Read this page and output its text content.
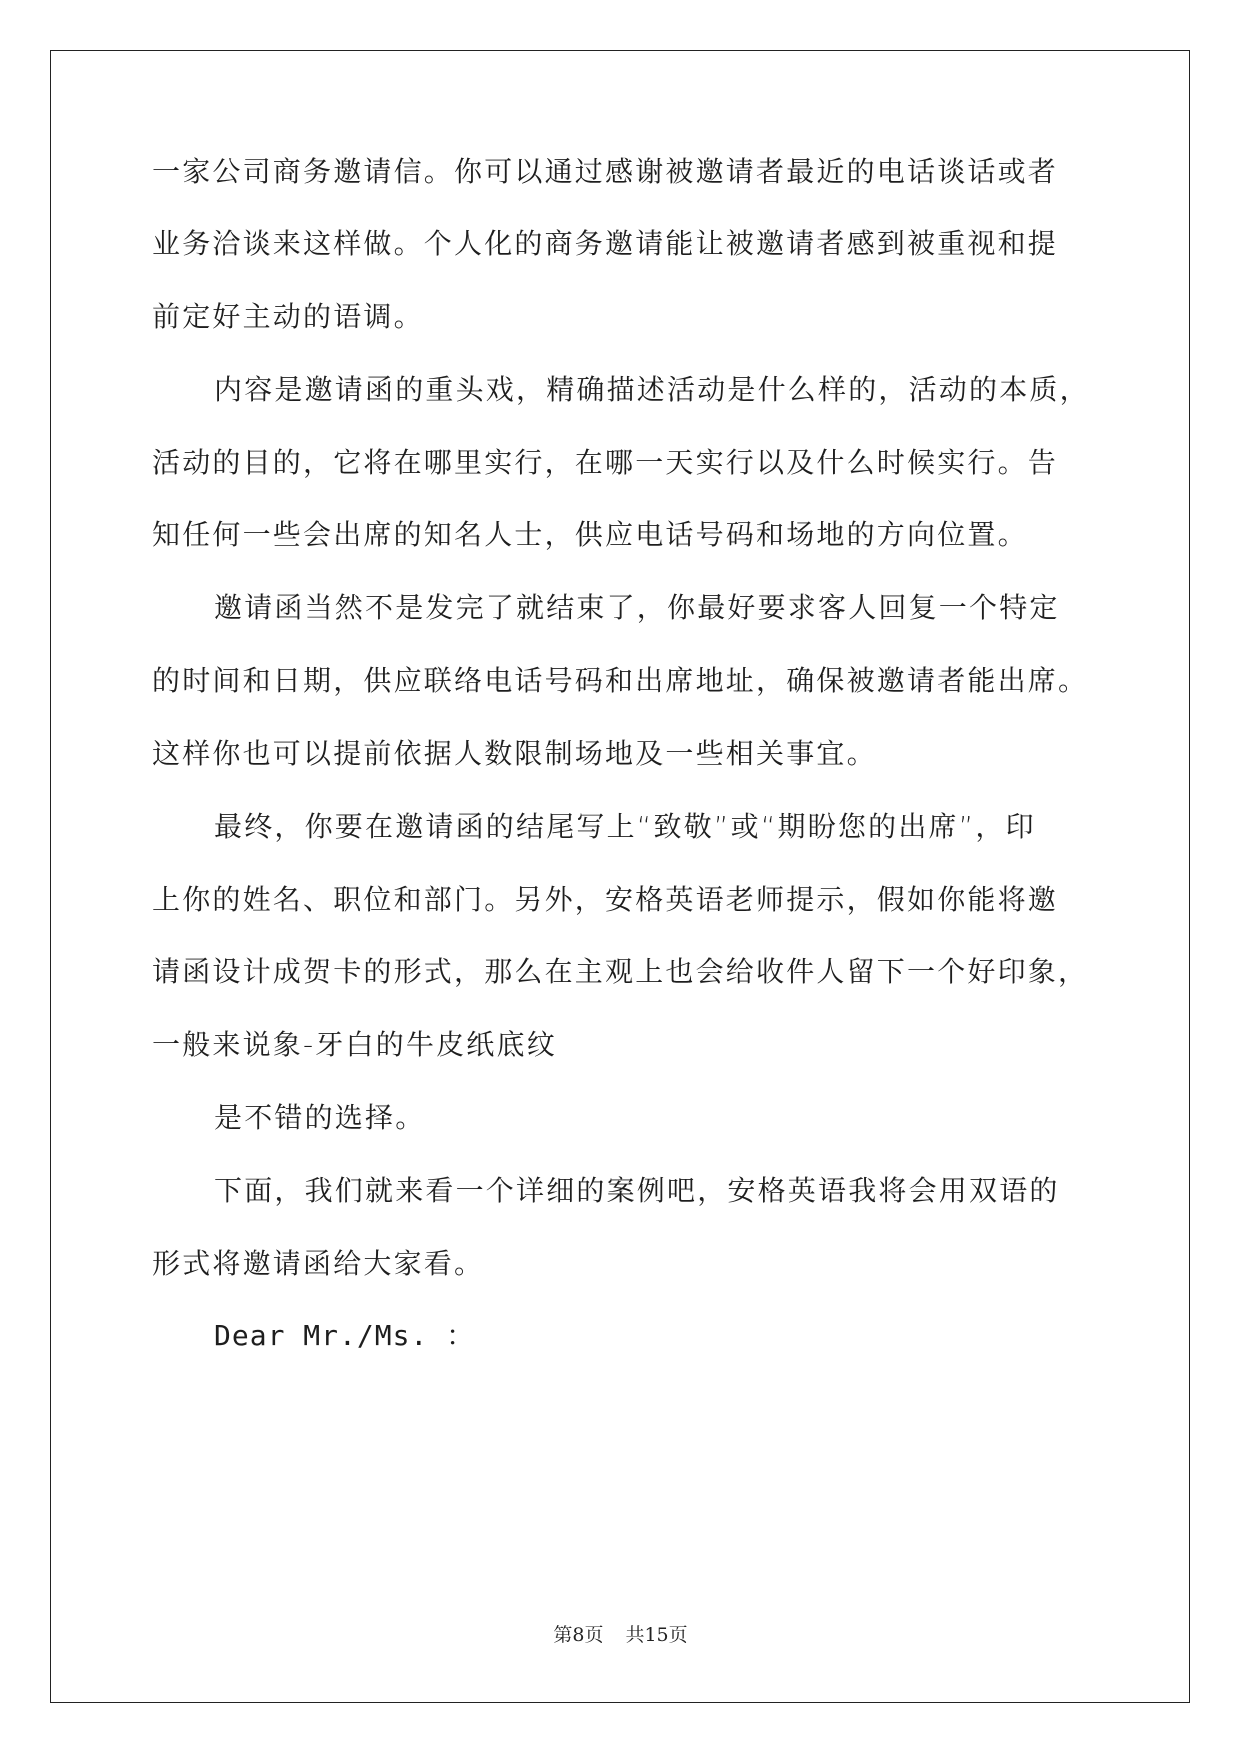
一家公司商务邀请信。你可以通过感谢被邀请者最近的电话谈话或者
业务洽谈来这样做。个人化的商务邀请能让被邀请者感到被重视和提
前定好主动的语调。
内容是邀请函的重头戏，精确描述活动是什么样的，活动的本质，
活动的目的，它将在哪里实行，在哪一天实行以及什么时候实行。告
知任何一些会出席的知名人士，供应电话号码和场地的方向位置。
邀请函当然不是发完了就结束了，你最好要求客人回复一个特定
的时间和日期，供应联络电话号码和出席地址，确保被邀请者能出席。
这样你也可以提前依据人数限制场地及一些相关事宜。
最终，你要在邀请函的结尾写上“致敬”或“期盼您的出席”，印
上你的姓名、职位和部门。另外，安格英语老师提示，假如你能将邀
请函设计成贺卡的形式，那么在主观上也会给收件人留下一个好印象，
一般来说象-牙白的牛皮纸底纹
是不错的选择。
下面，我们就来看一个详细的案例吧，安格英语我将会用双语的
形式将邀请函给大家看。
Dear Mr./Ms. ：
第8页 共15页
